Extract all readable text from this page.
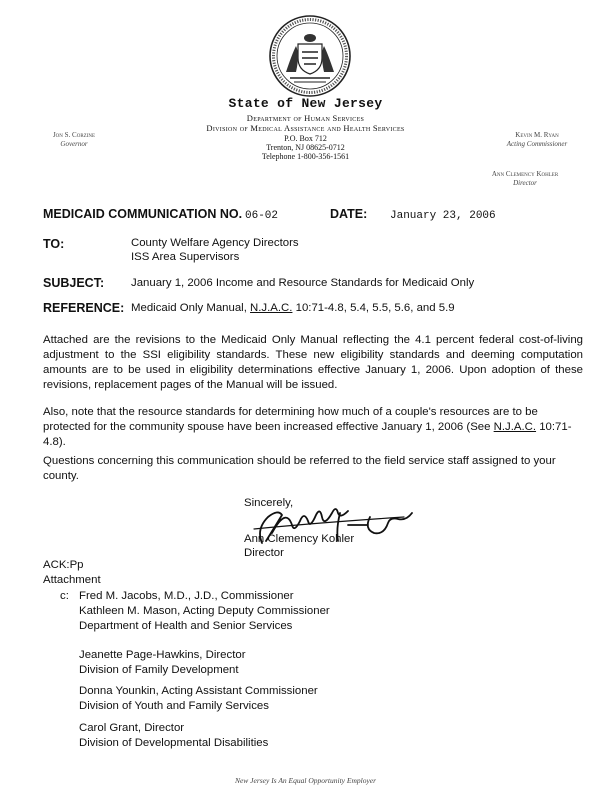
State of New Jersey
Department of Human Services
Division of Medical Assistance and Health Services
P.O. Box 712
Trenton, NJ 08625-0712
Telephone 1-800-356-1561
Jon S. Corzine
Governor
Kevin M. Ryan
Acting Commissioner
Ann Clemency Kohler
Director
MEDICAID COMMUNICATION NO. 06-02	DATE: January 23, 2006
TO:	County Welfare Agency Directors
ISS Area Supervisors
SUBJECT: January 1, 2006 Income and Resource Standards for Medicaid Only
REFERENCE: Medicaid Only Manual, N.J.A.C. 10:71-4.8, 5.4, 5.5, 5.6, and 5.9
Attached are the revisions to the Medicaid Only Manual reflecting the 4.1 percent federal cost-of-living adjustment to the SSI eligibility standards. These new eligibility standards and deeming computation amounts are to be used in eligibility determinations effective January 1, 2006. Upon adoption of these revisions, replacement pages of the Manual will be issued.
Also, note that the resource standards for determining how much of a couple's resources are to be protected for the community spouse have been increased effective January 1, 2006 (See N.J.A.C. 10:71-4.8).
Questions concerning this communication should be referred to the field service staff assigned to your county.
Sincerely,
Ann Clemency Kohler
Director
ACK:Pp
Attachment
c: Fred M. Jacobs, M.D., J.D., Commissioner
Kathleen M. Mason, Acting Deputy Commissioner
Department of Health and Senior Services
Jeanette Page-Hawkins, Director
Division of Family Development
Donna Younkin, Acting Assistant Commissioner
Division of Youth and Family Services
Carol Grant, Director
Division of Developmental Disabilities
New Jersey Is An Equal Opportunity Employer
